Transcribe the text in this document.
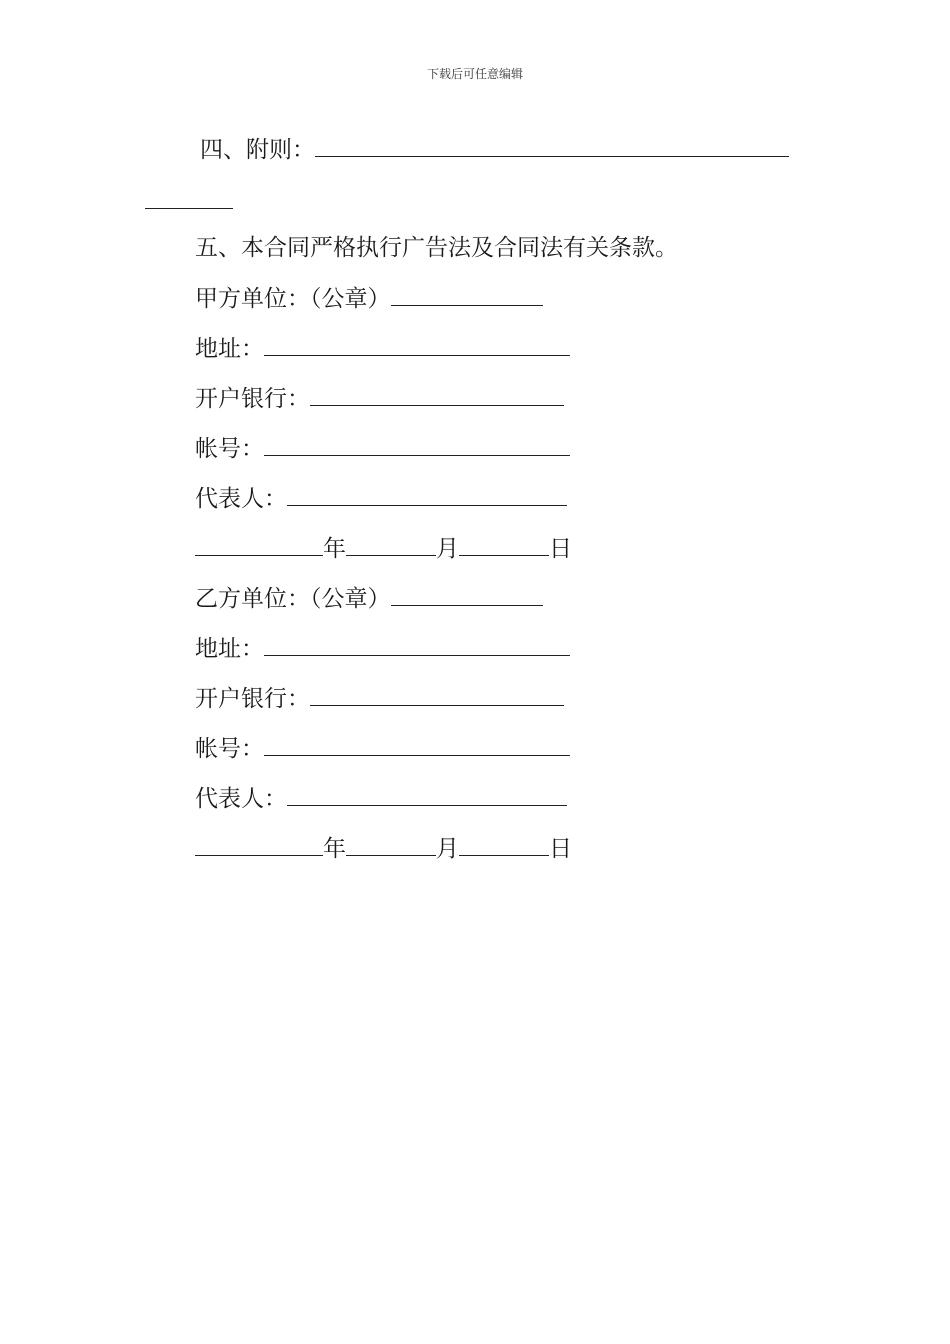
下载后可任意编辑
四、附则：
五、本合同严格执行广告法及合同法有关条款。
甲方单位：（公章）
地址：
开户银行：
帐号：
代表人：
年	月	日
乙方单位：（公章）
地址：
开户银行：
帐号：
代表人：
年	月	日
